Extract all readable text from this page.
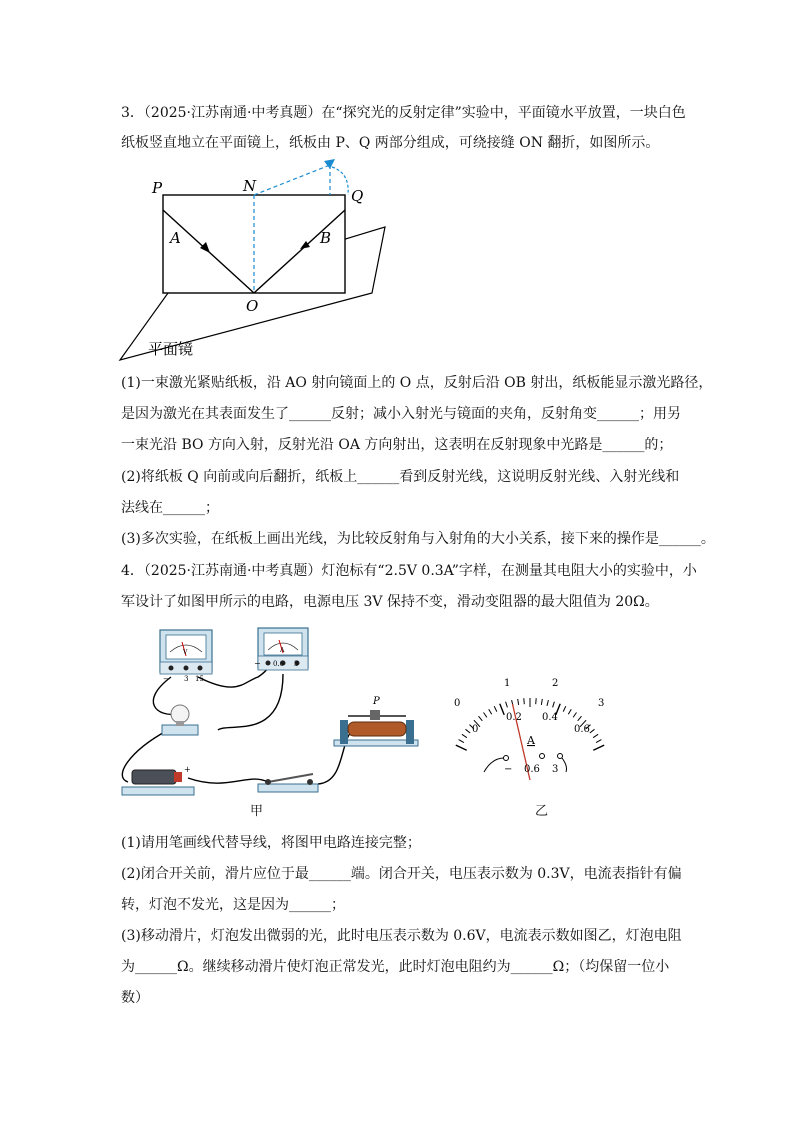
3．（2025·江苏南通·中考真题）在“探究光的反射定律”实验中，平面镜水平放置，一块白色
纸板竖直地立在平面镜上，纸板由 P、Q 两部分组成，可绕接缝 ON 翻折，如图所示。
P	N
Q
A	B
O
平面镜
(1)一束激光紧贴纸板，沿 AO 射向镜面上的 O 点，反射后沿 OB 射出，纸板能显示激光路径，
是因为激光在其表面发生了______反射；减小入射光与镜面的夹角，反射角变______；用另
一束光沿 BO 方向入射，反射光沿 OA 方向射出，这表明在反射现象中光路是______的；
(2)将纸板 Q 向前或向后翻折，纸板上______看到反射光线，这说明反射光线、入射光线和
法线在______；
(3)多次实验，在纸板上画出光线，为比较反射角与入射角的大小关系，接下来的操作是______。
4．（2025·江苏南通·中考真题）灯泡标有“2.5V 0.3A”字样，在测量其电阻大小的实验中，小
军设计了如图甲所示的电路，电源电压 3V 保持不变，滑动变阻器的最大阻值为 20Ω。
V
− 3 15
A
− 0.6 3
+
P	0
1	2
3
0
0.2 0.4
0.6
A
− 0.6 3
甲	乙
(1)请用笔画线代替导线，将图甲电路连接完整；
(2)闭合开关前，滑片应位于最______端。闭合开关，电压表示数为 0.3V，电流表指针有偏
转，灯泡不发光，这是因为______；
(3)移动滑片，灯泡发出微弱的光，此时电压表示数为 0.6V，电流表示数如图乙，灯泡电阻
为______Ω。继续移动滑片使灯泡正常发光，此时灯泡电阻约为______Ω；（均保留一位小
数）
